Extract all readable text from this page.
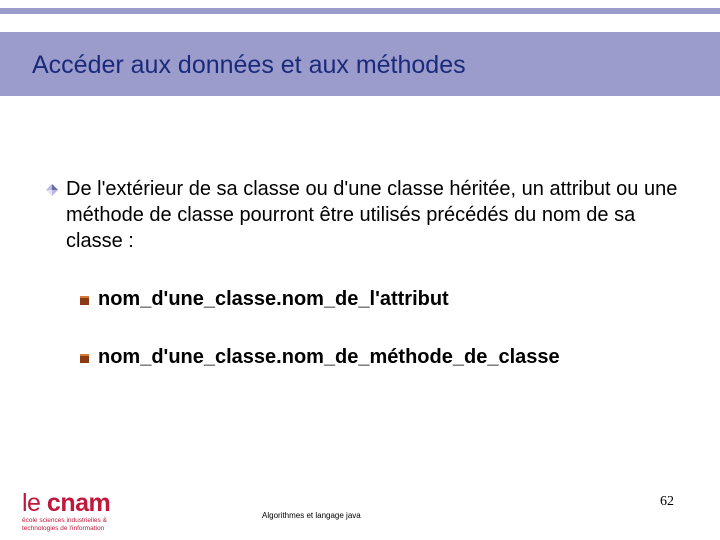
Accéder aux données et aux méthodes
De l'extérieur de sa classe ou d'une classe héritée, un attribut ou une méthode de classe pourront être utilisés précédés du nom de sa classe :
nom_d'une_classe.nom_de_l'attribut
nom_d'une_classe.nom_de_méthode_de_classe
le cnam
école sciences industrielles & technologies de l'information
Algorithmes et langage java
62
